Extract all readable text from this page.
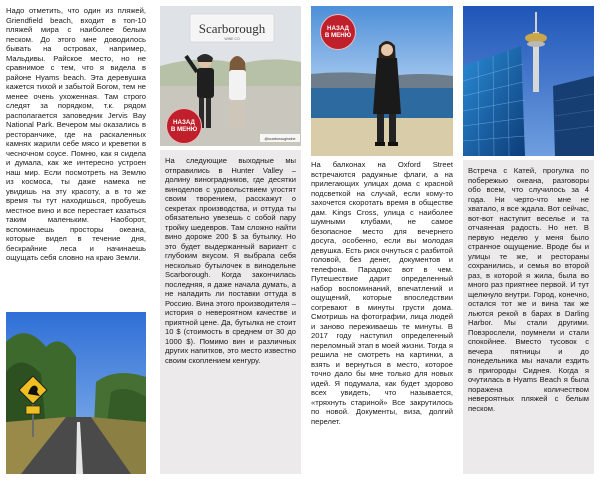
Надо отметить, что один из пляжей, Griendfield beach, входит в топ-10 пляжей мира с наиболее белым песком. До этого мне доводилось бывать на островах, например, Мальдивы. Райское место, но не сравнимое с тем, что я видела в районе Hyams beach. Эта деревушка кажется тихой и забытой Богом, тем не менее очень ухоженная. Там строго следят за порядком, т.к. рядом располагается заповедник Jervis Bay National Park. Вечером мы оказались в ресторанчике, где на раскаленных камнях жарили себе мясо и креветки в чесночном соусе. Помню, как я сидела и думала, как же интересно устроен наш мир. Если посмотреть на Землю из космоса, ты даже намека не увидишь на эту красоту, а в то же время ты тут находишься, пробуешь местное вино и все перестает казаться таким маленьким. Наоборот, вспоминаешь просторы океана, которые видел в течение дня, бескрайние леса и начинаешь ощущать себя словно на краю Земли.

Scarborough
WINE CO
@scarboroughwine
НАЗАД
В МЕНЮ

На следующие выходные мы отправились в Hunter Valley – долину виноградников, где десятки виноделов с удовольствием угостят своим творением, расскажут о секретах производства, и оттуда ты обязательно увезешь с собой пару тройку шедевров. Там сложно найти вино дороже 200 $ за бутылку. Но это будет выдержанный вариант с глубоким вкусом. Я выбрала себя несколько бутылочек в винодельне Scarborough. Когда закончилась последняя, я даже начала думать, а не наладить ли поставки оттуда в Россию. Вина этого производителя – история о невероятном качестве и приятной цене. Да, бутылка не стоит 10 $ (стоимость в среднем от 30 до 1000 $). Помимо вин и различных других напитков, это место известно своим скоплением кенгуру.

НАЗАД
В МЕНЮ

На балконах на Oxford Street встречаются радужные флаги, а на прилегающих улицах дома с красной подсветкой на случай, если кому-то захочется скоротать время в обществе дам. Kings Cross, улица с наиболее шумными клубами, не самое безопасное место для вечернего досуга, особенно, если вы молодая девушка. Есть риск очнуться с разбитой головой, без денег, документов и телефона. Парадокс вот в чем. Путешествие дарит определенный набор воспоминаний, впечатлений и ощущений, которые впоследствии согревают в минуты грусти дома. Смотришь на фотографии, лица людей и заново переживаешь те минуты. В 2017 году наступил определенный переломный этап в моей жизни. Тогда я решила не смотреть на картинки, а взять и вернуться в место, которое точно дало бы мне только для новых идей. Я подумала, как будет здорово всех увидеть, что называется, «тряхнуть стариной» Все закрутилось по новой. Документы, виза, долгий перелет.

Встреча с Катей, прогулка по побережью океана, разговоры обо всем, что случилось за 4 года. Ни черто-что мне не хватало, я все ждала. Вот сейчас, вот-вот наступит веселье и та отчаянная радость. Но нет. В первую неделю у меня было странное ощущение. Вроде бы и улицы те же, и рестораны сохранились, и семья во второй раз, в которой я жила, была во много раз приятнее первой. И тут щелкнуло внутри. Город, конечно, остался тот же и вина так же льются рекой в барах в Darling Harbor. Мы стали другими. Повзрослели, поумнели и стали спокойнее. Вместо тусовок с вечера пятницы и до понедельника мы начали ездить в пригороды Сиднея. Когда я очутилась в Hyams Beach я была поражена количеством невероятных пляжей с белым песком.
